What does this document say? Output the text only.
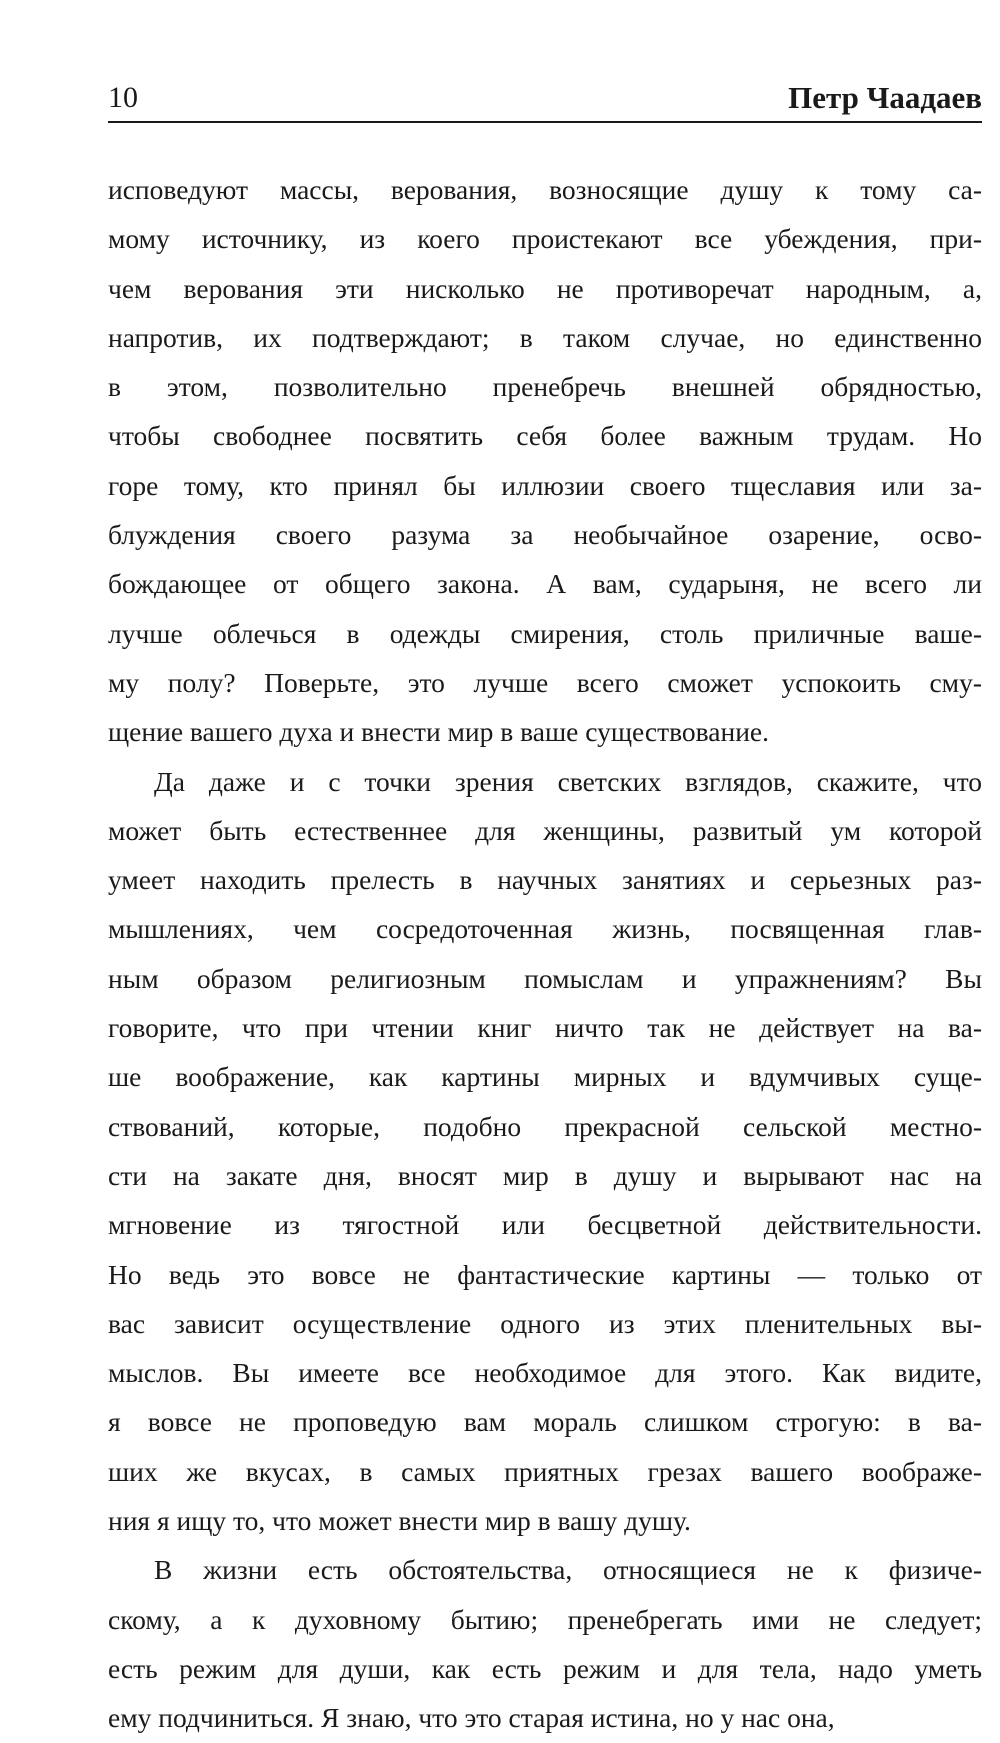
10	Петр Чаадаев
исповедуют массы, верования, возносящие душу к тому са-
мому источнику, из коего проистекают все убеждения, при-
чем верования эти нисколько не противоречат народным, а,
напротив, их подтверждают; в таком случае, но единственно
в этом, позволительно пренебречь внешней обрядностью,
чтобы свободнее посвятить себя более важным трудам. Но
горе тому, кто принял бы иллюзии своего тщеславия или за-
блуждения своего разума за необычайное озарение, осво-
бождающее от общего закона. А вам, сударыня, не всего ли
лучше облечься в одежды смирения, столь приличные ваше-
му полу? Поверьте, это лучше всего сможет успокоить сму-
щение вашего духа и внести мир в ваше существование.
Да даже и с точки зрения светских взглядов, скажите, что
может быть естественнее для женщины, развитый ум которой
умеет находить прелесть в научных занятиях и серьезных раз-
мышлениях, чем сосредоточенная жизнь, посвященная глав-
ным образом религиозным помыслам и упражнениям? Вы
говорите, что при чтении книг ничто так не действует на ва-
ше воображение, как картины мирных и вдумчивых суще-
ствований, которые, подобно прекрасной сельской местно-
сти на закате дня, вносят мир в душу и вырывают нас на
мгновение из тягостной или бесцветной действительности.
Но ведь это вовсе не фантастические картины — только от
вас зависит осуществление одного из этих пленительных вы-
мыслов. Вы имеете все необходимое для этого. Как видите,
я вовсе не проповедую вам мораль слишком строгую: в ва-
ших же вкусах, в самых приятных грезах вашего воображе-
ния я ищу то, что может внести мир в вашу душу.
В жизни есть обстоятельства, относящиеся не к физиче-
скому, а к духовному бытию; пренебрегать ими не следует;
есть режим для души, как есть режим и для тела, надо уметь
ему подчиниться. Я знаю, что это старая истина, но у нас она,
